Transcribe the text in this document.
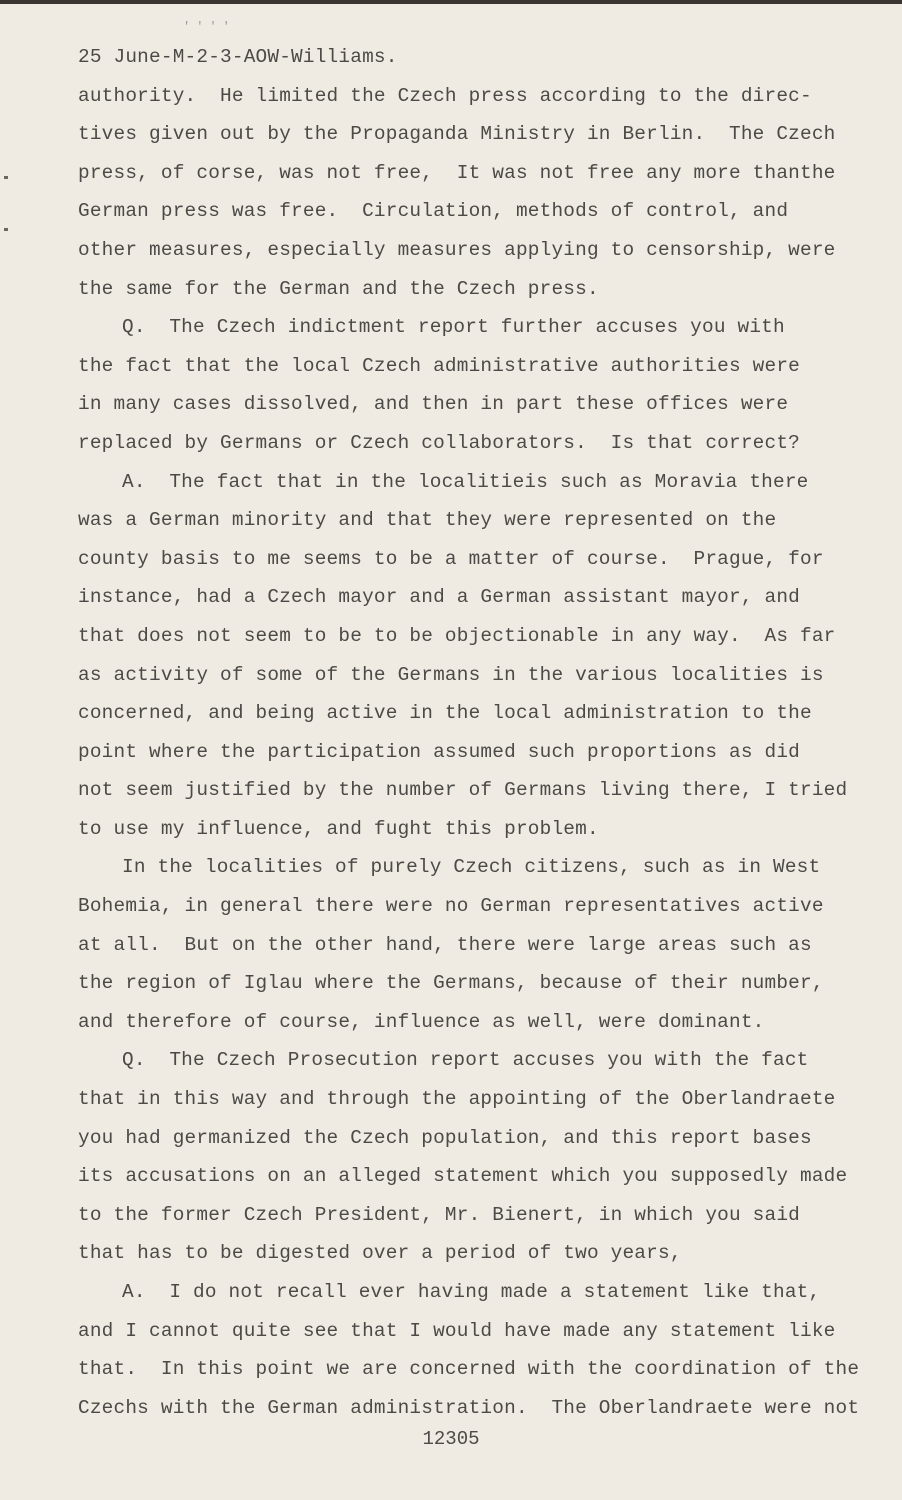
''''
25 June-M-2-3-AOW-Williams.
authority.  He limited the Czech press according to the direc-
tives given out by the Propaganda Ministry in Berlin.  The Czech
press, of corse, was not free,  It was not free any more thanthe
German press was free.  Circulation, methods of control, and
other measures, especially measures applying to censorship, were
the same for the German and the Czech press.
Q.  The Czech indictment report further accuses you with
the fact that the local Czech administrative authorities were
in many cases dissolved, and then in part these offices were
replaced by Germans or Czech collaborators.  Is that correct?
A.  The fact that in the localitieis such as Moravia there
was a German minority and that they were represented on the
county basis to me seems to be a matter of course.  Prague, for
instance, had a Czech mayor and a German assistant mayor, and
that does not seem to be to be objectionable in any way.  As far
as activity of some of the Germans in the various localities is
concerned, and being active in the local administration to the
point where the participation assumed such proportions as did
not seem justified by the number of Germans living there, I tried
to use my influence, and fught this problem.
In the localities of purely Czech citizens, such as in West
Bohemia, in general there were no German representatives active
at all.  But on the other hand, there were large areas such as
the region of Iglau where the Germans, because of their number,
and therefore of course, influence as well, were dominant.
Q.  The Czech Prosecution report accuses you with the fact
that in this way and through the appointing of the Oberlandraete
you had germanized the Czech population, and this report bases
its accusations on an alleged statement which you supposedly made
to the former Czech President, Mr. Bienert, in which you said
that has to be digested over a period of two years,
A.  I do not recall ever having made a statement like that,
and I cannot quite see that I would have made any statement like
that.  In this point we are concerned with the coordination of the
Czechs with the German administration.  The Oberlandraete were not
12305
